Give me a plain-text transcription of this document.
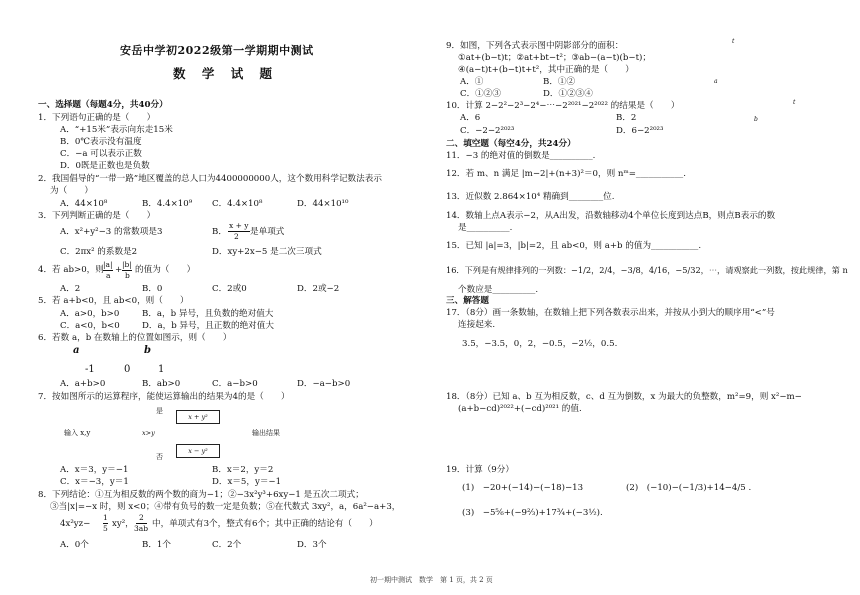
安岳中学初2022级第一学期期中测试
数 学 试 题
一、选择题（每题4分，共40分）
1．下列语句正确的是（　　）
A．“+15米”表示向东走15米
B．0℃表示没有温度
C．−a 可以表示正数
D．0既是正数也是负数
2．我国倡导的“一带一路”地区覆盖的总人口为4400000000人，这个数用科学记数法表示
为（　　）
A．44×10⁸	B．4.4×10⁹ C．4.4×10⁸	D．44×10¹⁰
3．下列判断正确的是（　　）
A．x²+y²−3 的常数项是3	B．
x + y
2 是单项式
C．2πx² 的系数是2	D．xy+2x−5 是二次三项式
4．若 ab>0，则
|a|
a
+
|b|
b
的值为（　　）
A．2	B．0	C．2或0	D．2或−2
5．若 a+b<0，且 ab<0，则（　　）
A．a>0，b>0	B．a，b 异号，且负数的绝对值大
C．a<0，b<0	D．a，b 异号，且正数的绝对值大
6．若数 a，b 在数轴上的位置如图示，则（　　）
a	b
-1	0	1
A．a+b>0	B．ab>0	C．a−b>0	D．−a−b>0
7．按如图所示的运算程序，能使运算输出的结果为4的是（　　）
输入 x,y	x>y
是
否
x + y²
x − y²
输出结果
A．x＝3，y＝−1	B．x＝2，y＝2
C．x＝−3，y＝1	D．x＝5，y＝−1
8．下列结论：①互为相反数的两个数的商为−1；②−3x²y³+6xy−1 是五次二项式；
③当|x|=−x 时，则 x<0；④带有负号的数一定是负数；⑤在代数式 3xy²，a，6a²−a+3，
4x²yz−
1
5 xy²，
2
3ab 中，单项式有3个，整式有6个；其中正确的结论有（　　）
A．0个	B．1个	C．2个	D．3个
9．如图，下列各式表示图中阴影部分的面积：
①at+(b−t)t；②at+bt−t²；③ab−(a−t)(b−t)；
④(a−t)t+(b−t)t+t²，其中正确的是（　　）
A．①	B．①②
C．①②③	D．①②③④
t
a
t
b
10．计算 2−2²−2³−2⁴−⋯−2²⁰²¹−2²⁰²² 的结果是（　　）
A．6	B．2
C．−2−2²⁰²³	D．6−2²⁰²³
二、填空题（每空4分，共24分）
11．−3 的绝对值的倒数是__________.
12．若 m、n 满足 |m−2|+(n+3)²＝0，则 nᵐ=___________.
13．近似数 2.864×10⁴ 精确到________位.
14．数轴上点A表示−2，从A出发，沿数轴移动4个单位长度到达点B，则点B表示的数
是__________.
15．已知 |a|=3，|b|=2，且 ab<0，则 a+b 的值为___________.
16．下列是有规律排列的一列数：−1/2，2/4，−3/8，4/16，−5/32，⋯，请观察此一列数，按此规律，第 n
个数应是__________.
三、解答题
17．（8分）画一条数轴，在数轴上把下列各数表示出来，并按从小到大的顺序用“<”号
连接起来.
3.5，−3.5，0，2，−0.5，−2½，0.5.
18．（8分）已知 a、b 互为相反数，c、d 互为倒数，x 为最大的负整数，m²=9，则 x²−m−
(a+b−cd)²⁰²²+(−cd)²⁰²¹ 的值.
19．计算（9分）
(1)　−20+(−14)−(−18)−13	(2)　(−10)−(−1/3)+14−4/5 .
(3)　−5⁵⁄₆+(−9²⁄₃)+17³⁄₄+(−3½).
初一期中测试　数学　第 1 页，共 2 页
